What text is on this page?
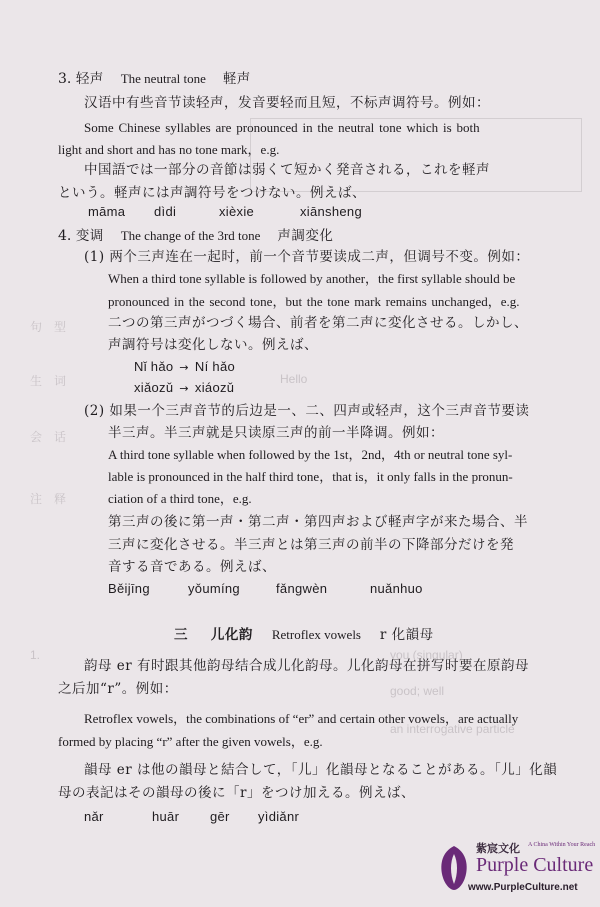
句　型
生　词	Hello
会　话
注　释
1.	you (singular)
good; well
an interrogative particle
3. 轻声 The neutral tone 軽声
汉语中有些音节读轻声，发音要轻而且短，不标声调符号。例如：
Some Chinese syllables are pronounced in the neutral tone which is both
light and short and has no tone mark，e.g.
中国語では一部分の音節は弱くて短かく発音される，これを軽声
という。軽声には声調符号をつけない。例えば、
māma dìdi	xièxie	xiānsheng
4. 变调 The change of the 3rd tone 声調変化
(1) 两个三声连在一起时，前一个音节要读成二声，但调号不变。例如：
When a third tone syllable is followed by another，the first syllable should be
pronounced in the second tone，but the tone mark remains unchanged，e.g.
二つの第三声がつづく場合、前者を第二声に変化させる。しかし、
声調符号は変化しない。例えば、
Nǐ hǎo → Ní hǎo
xiǎozǔ → xiáozǔ
(2) 如果一个三声音节的后边是一、二、四声或轻声，这个三声音节要读
半三声。半三声就是只读原三声的前一半降调。例如：
A third tone syllable when followed by the 1st，2nd，4th or neutral tone syl-
lable is pronounced in the half third tone，that is，it only falls in the pronun-
ciation of a third tone，e.g.
第三声の後に第一声・第二声・第四声および軽声字が来た場合、半
三声に変化させる。半三声とは第三声の前半の下降部分だけを発
音する音である。例えば、
Běijīng	yǒumíng	fǎngwèn	nuǎnhuo
三 儿化韵 Retroflex vowels r 化韻母
韵母 er 有时跟其他韵母结合成儿化韵母。儿化韵母在拼写时要在原韵母
之后加“r”。例如：
Retroflex vowels，the combinations of “er” and certain other vowels，are actually
formed by placing “r” after the given vowels，e.g.
韻母 er は他の韻母と結合して，「儿」化韻母となることがある。「儿」化韻
母の表記はその韻母の後に「r」をつけ加える。例えば、
nǎr	huār gēr yìdiǎnr
紫宸文化 A China Within Your Reach
Purple Culture
www.PurpleCulture.net
